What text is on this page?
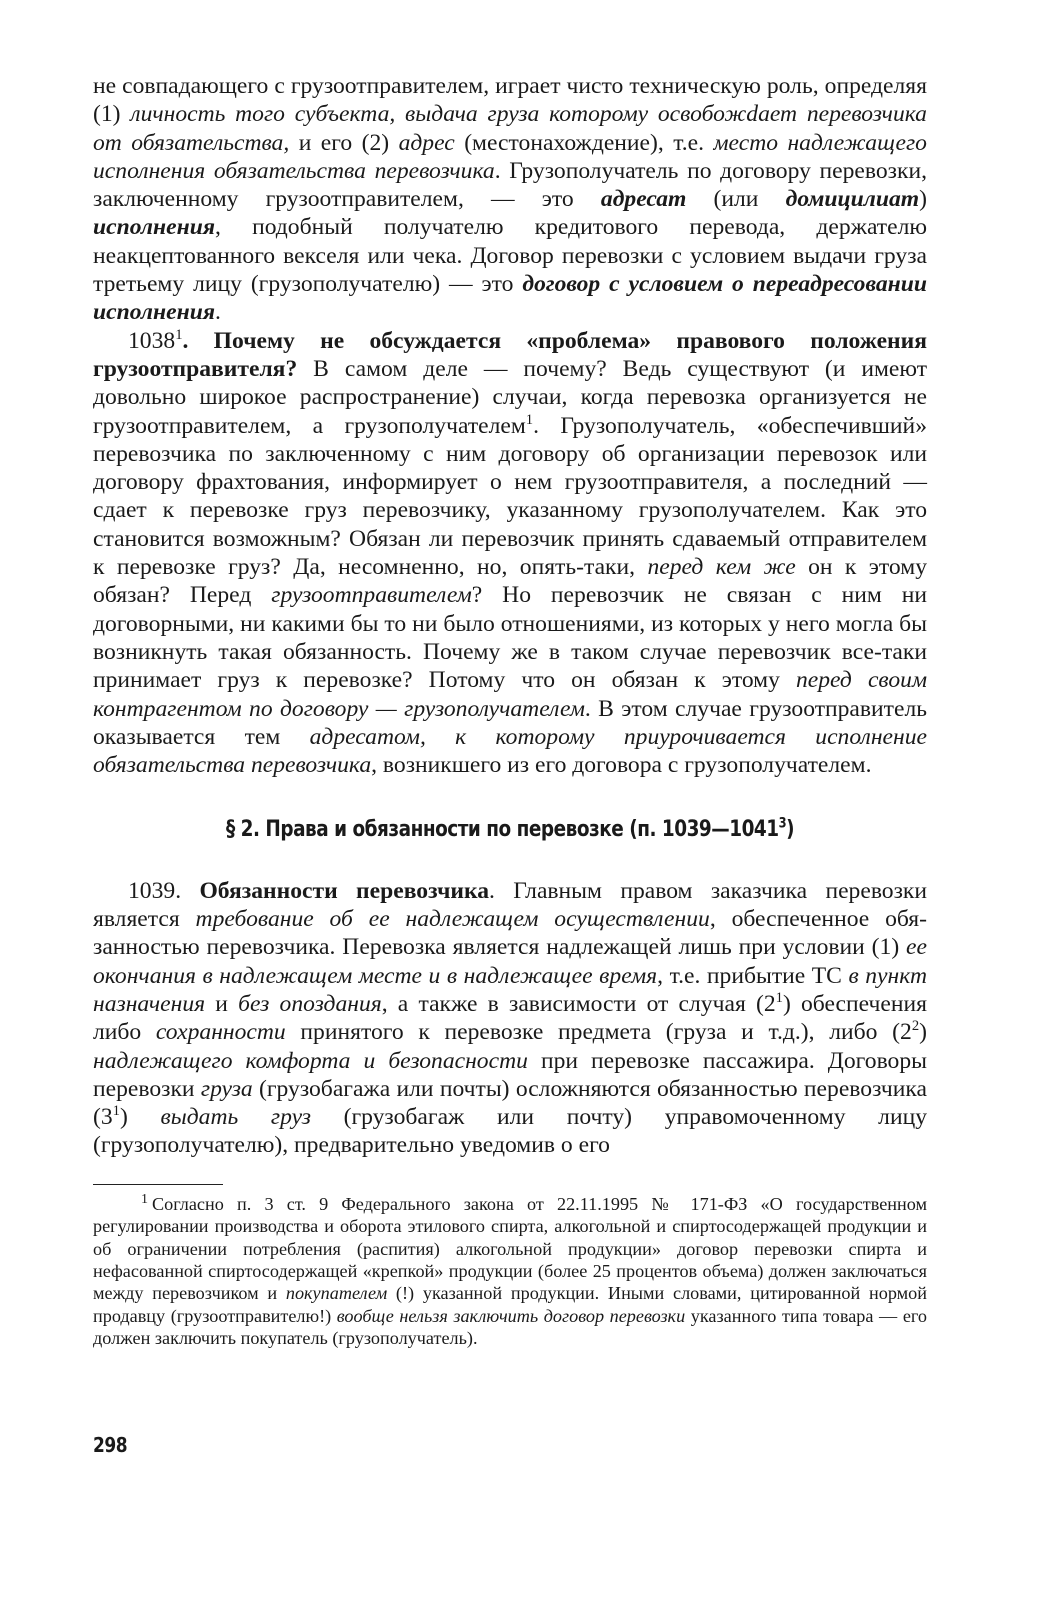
не совпадающего с грузоотправителем, играет чисто техническую роль, определяя (1) личность того субъекта, выдача груза которому освобожdает перевозчика от обязательства, и его (2) адрес (местонахождение), т.е. место надлежащего исполнения обязательства перевозчика. Грузополучатель по договору перевозки, заключенному грузоотправителем, — это адресат (или домицилиат) исполнения, подобный получателю кредитового перевода, держателю неакцептованного векселя или чека. Договор перевозки с условием выдачи груза третьему лицу (грузополучателю) — это договор с условием о переадресовании исполнения.

1038$^1$. Почему не обсуждается «проблема» правового положения грузоотправителя? В самом деле — почему? Ведь существуют (и имеют довольно широкое распространение) случаи, когда перевозка организуется не грузоотправителем, а грузополучателем$^1$. Грузополучатель, «обеспечивший» перевозчика по заключенному с ним договору об организации перевозок или договору фрахтования, информирует о нем грузоотправителя, а последний — сдает к перевозке груз перевозчику, указанному грузополучателем. Как это становится возможным? Обязан ли перевозчик принять сдаваемый отправителем к перевозке груз? Да, несомненно, но, опять-таки, перед кем же он к этому обязан? Перед грузоотправителем? Но перевозчик не связан с ним ни договорными, ни какими бы то ни было отношениями, из которых у него могла бы возникнуть такая обязанность. Почему же в таком случае перевозчик все-таки принимает груз к перевозке? Потому что он обязан к этому перед своим контрагентом по договору — грузополучателем. В этом случае грузоотправитель оказывается тем адресатом, к которому приурочивается исполнение обязательства перевозчика, возникшего из его договора с грузополучателем.

§ 2. Права и обязанности по перевозке (п. 1039—1041$^3$)

1039. Обязанности перевозчика. Главным правом заказчика перевозки является требование об ее надлежащем осуществлении, обеспеченное обязанностью перевозчика. Перевозка является надлежащей лишь при условии (1) ее окончания в надлежащем месте и в надлежащее время, т.е. прибытие ТС в пункт назначения и без опоздания, а также в зависимости от случая $(2^1)$ обеспечения либо сохранности принятого к перевозке предмета (груза и т.д.), либо $(2^2)$ надлежащего комфорта и безопасности при перевозке пассажира. Договоры перевозки груза (грузобагажа или почты) осложняются обязанностью перевозчика $(3^1)$ выдать груз (грузобагаж или почту) управомоченному лицу (грузополучателю), предварительно уведомив о его

$^1$ Согласно п. 3 ст. 9 Федерального закона от 22.11.1995 № 171-ФЗ «О государственном регулировании производства и оборота этилового спирта, алкогольной и спиртосодержащей продукции и об ограничении потребления (распития) алкогольной продукции» договор перевозки спирта и нефасованной спиртосодержащей «крепкой» продукции (более 25 процентов объема) должен заключаться между перевозчиком и покупателем (!) указанной продукции. Иными словами, цитированной нормой продавцу (грузоотправителю!) вообще нельзя заключить договор перевозки указанного типа товара — его должен заключить покупатель (грузополучатель).

298
